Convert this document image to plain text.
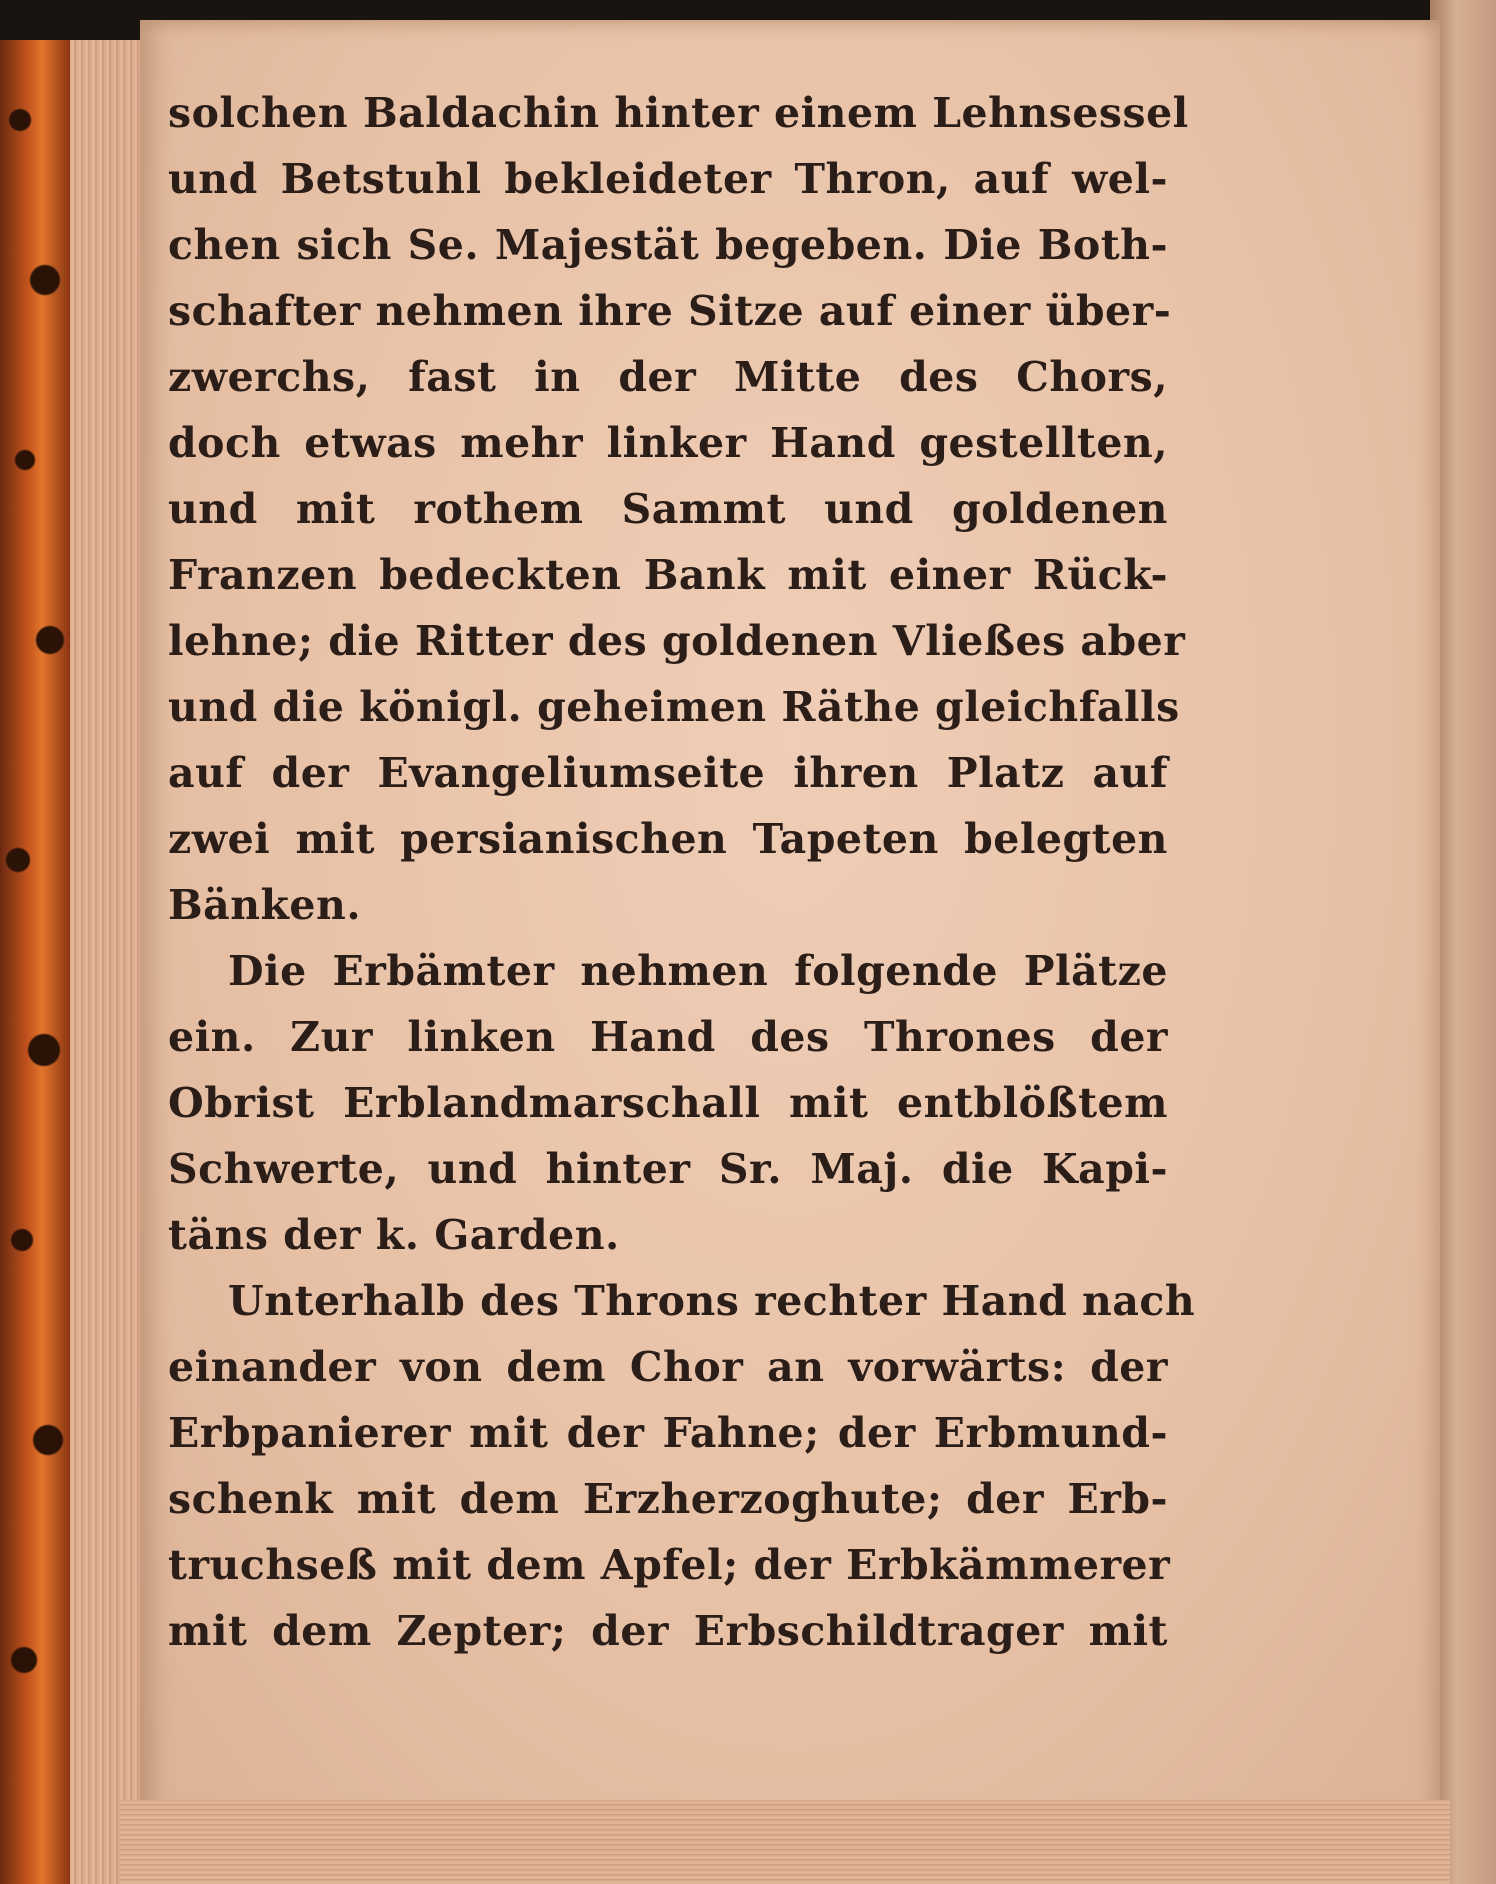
solchen Baldachin hinter einem Lehnsessel
und Betstuhl bekleideter Thron, auf wel-
chen sich Se. Majestät begeben. Die Both-
schafter nehmen ihre Sitze auf einer über-
zwerchs, fast in der Mitte des Chors,
doch etwas mehr linker Hand gestellten,
und mit rothem Sammt und goldenen
Franzen bedeckten Bank mit einer Rück-
lehne; die Ritter des goldenen Vließes aber
und die königl. geheimen Räthe gleichfalls
auf der Evangeliumseite ihren Platz auf
zwei mit persianischen Tapeten belegten
Bänken.
Die Erbämter nehmen folgende Plätze
ein. Zur linken Hand des Thrones der
Obrist Erblandmarschall mit entblößtem
Schwerte, und hinter Sr. Maj. die Kapi-
täns der k. Garden.
Unterhalb des Throns rechter Hand nach
einander von dem Chor an vorwärts: der
Erbpanierer mit der Fahne; der Erbmund-
schenk mit dem Erzherzoghute; der Erb-
truchseß mit dem Apfel; der Erbkämmerer
mit dem Zepter; der Erbschildtrager mit
